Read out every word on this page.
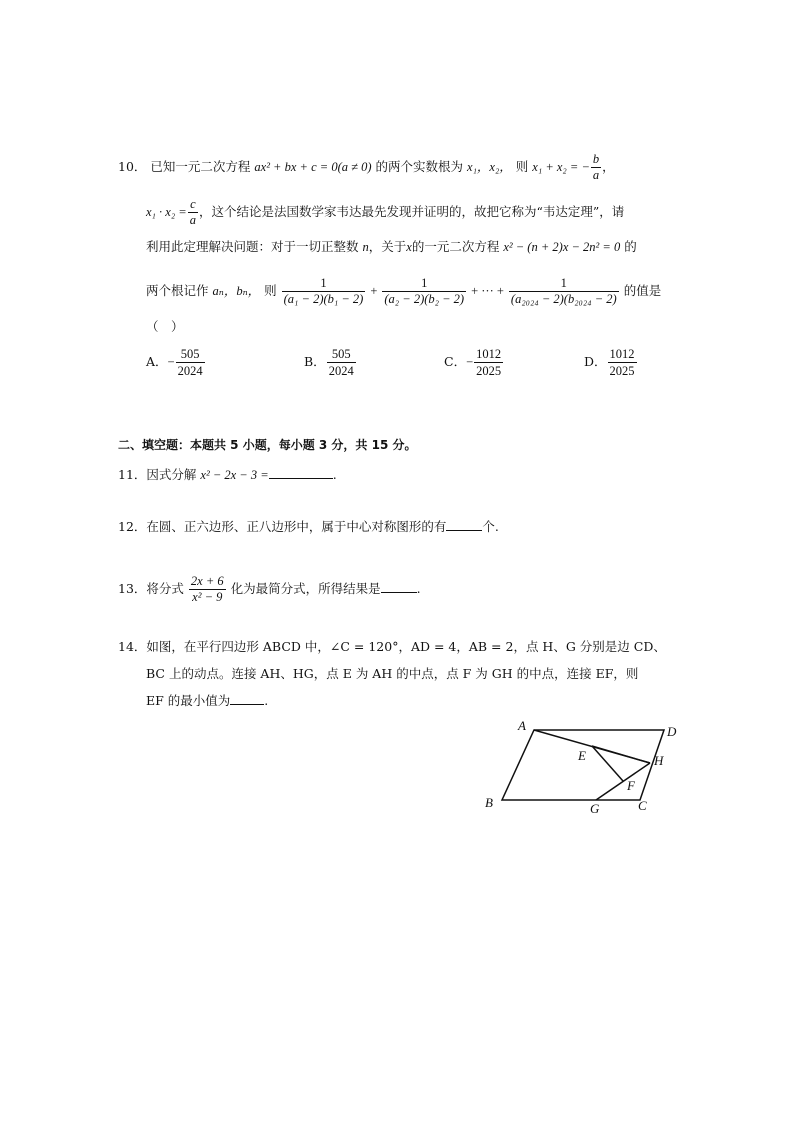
10． 已知一元二次方程 ax² + bx + c = 0(a ≠ 0) 的两个实数根为 x₁，x₂， 则 x₁ + x₂ = − $\frac{b}{a}$ ，
$x_1 \cdot x_2 = \frac{c}{a}$ ，这个结论是法国数学家韦达最先发现并证明的，故把它称为“韦达定理”，请
利用此定理解决问题：对于一切正整数 n，关于x的一元二次方程 x² − (n + 2)x − 2n² = 0 的
两个根记作 aₙ，bₙ， 则 $\frac{1}{\text{(a₁ − 2)(b₁ − 2)}} + \frac{1}{\text{(a₂ − 2)(b₂ − 2)}}$ + ··· + $\frac{1}{\text{(a₂₀₂₄ − 2)(b₂₀₂₄ − 2)}}$ 的值是
（　）
A．− $\frac{505}{2024}$	B． $\frac{505}{2024}$	C．− $\frac{1012}{2025}$	D． $\frac{1012}{2025}$
二、填空题：本题共 5 小题，每小题 3 分，共 15 分。
11．因式分解 x² − 2x − 3 =	.
12．在圆、正六边形、正八边形中，属于中心对称图形的有	个.
13．将分式 $\frac{2x + 6}{\text{x² − 9}}$ 化为最简分式，所得结果是	.
14．如图，在平行四边形 ABCD 中，∠C = 120°，AD = 4，AB = 2，点 H、G 分别是边 CD、
BC 上的动点。连接 AH、HG，点 E 为 AH 的中点，点 F 为 GH 的中点，连接 EF，则
EF 的最小值为	.
A	D
E	H
F
B	G	C
